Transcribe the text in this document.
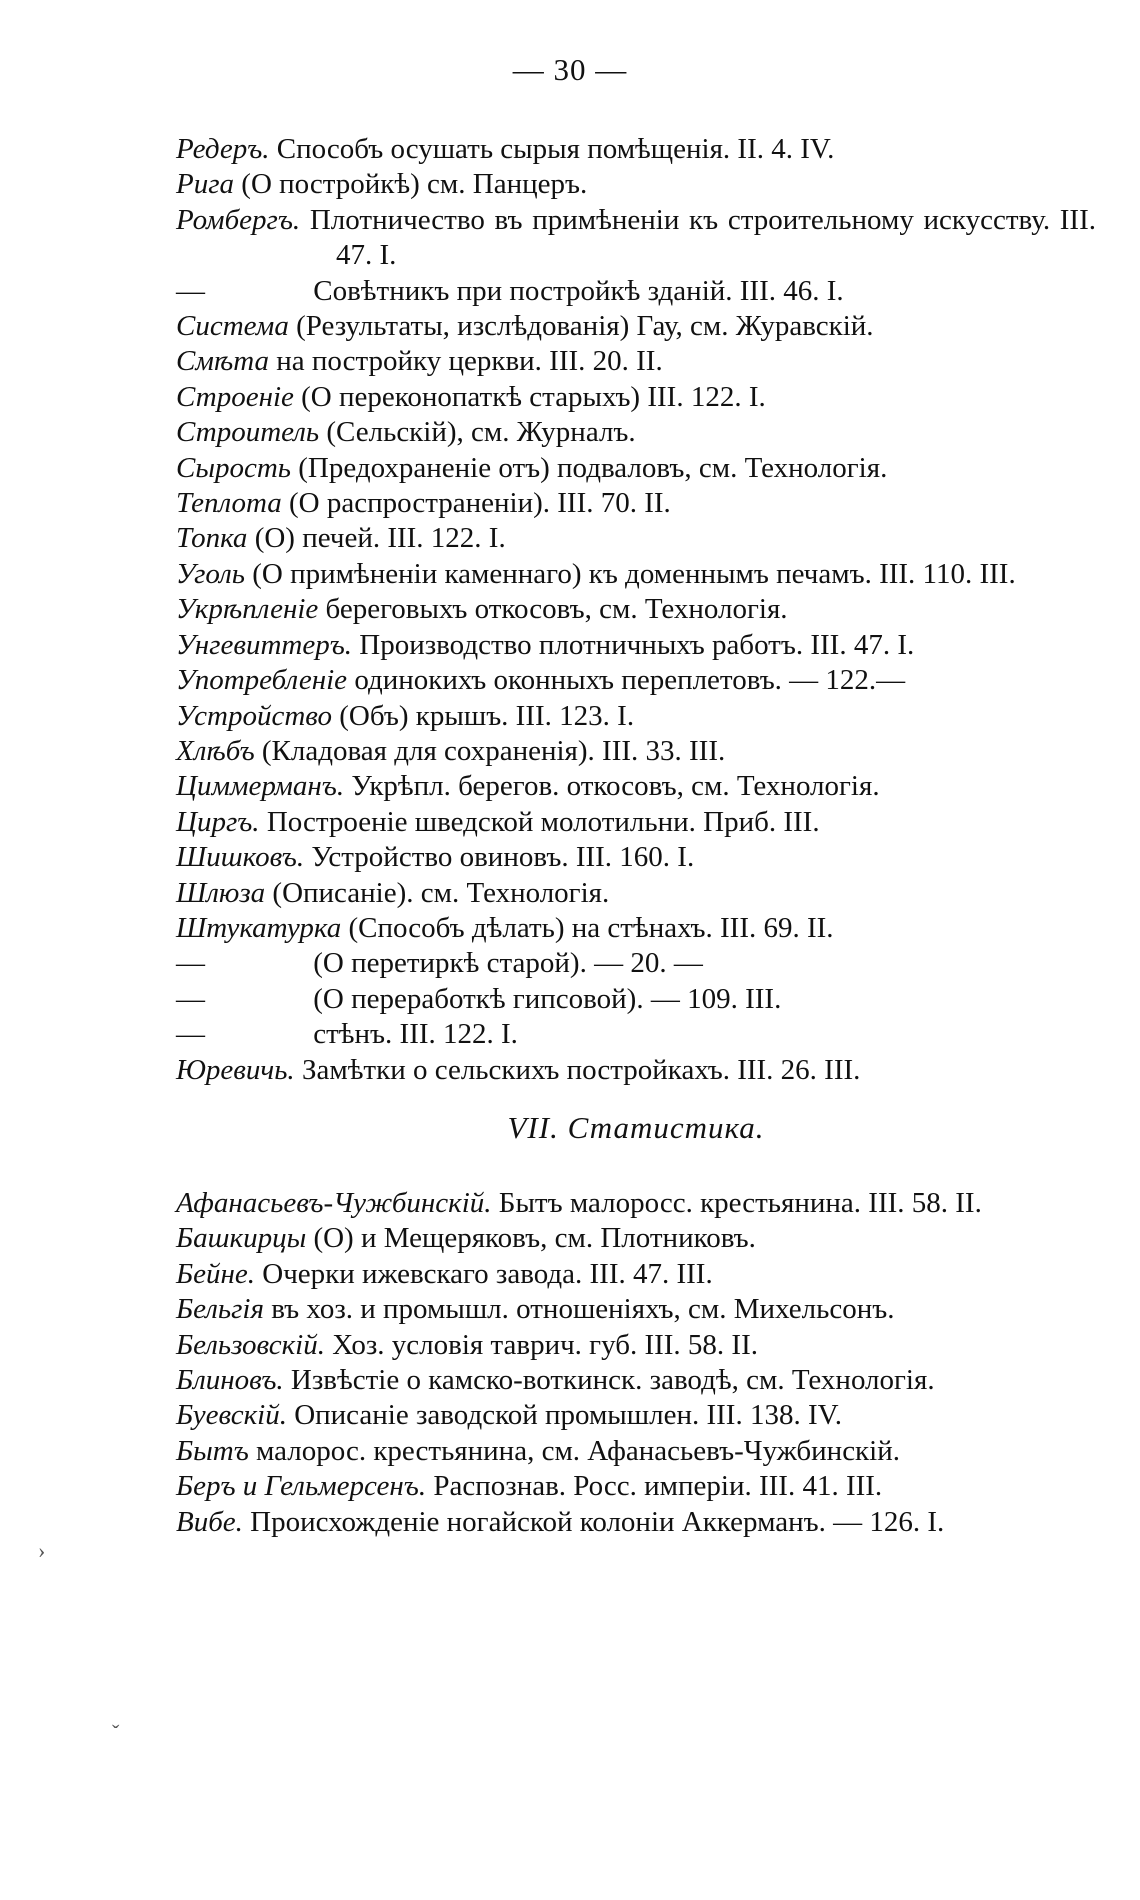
— 30 —
Редеръ. Способъ осушать сырыя помѣщенія. II. 4. IV.
Рига (О постройкѣ) см. Панцеръ.
Ромбергъ. Плотничество въ примѣненіи къ строительному искусству. III. 47. I.
—	Совѣтникъ при постройкѣ зданій. III. 46. I.
Система (Результаты, изслѣдованія) Гау, см. Журавскій.
Смѣта на постройку церкви. III. 20. II.
Строеніе (О переконопаткѣ старыхъ) III. 122. I.
Строитель (Сельскій), см. Журналъ.
Сырость (Предохраненіе отъ) подваловъ, см. Технологія.
Теплота (О распространеніи). III. 70. II.
Топка (О) печей. III. 122. I.
Уголь (О примѣненіи каменнаго) къ доменнымъ печамъ. III. 110. III.
Укрѣпленіе береговыхъ откосовъ, см. Технологія.
Унгевиттеръ. Производство плотничныхъ работъ. III. 47. I.
Употребленіе одинокихъ оконныхъ переплетовъ. — 122.—
Устройство (Объ) крышъ. III. 123. I.
Хлѣбъ (Кладовая для сохраненія). III. 33. III.
Циммерманъ. Укрѣпл. берегов. откосовъ, см. Технологія.
Циргъ. Построеніе шведской молотильни. Приб. III.
Шишковъ. Устройство овиновъ. III. 160. I.
Шлюза (Описаніе). см. Технологія.
Штукатурка (Способъ дѣлать) на стѣнахъ. III. 69. II.
—	(О перетиркѣ старой). — 20. —
—	(О переработкѣ гипсовой). — 109. III.
—	стѣнъ. III. 122. I.
Юревичь. Замѣтки о сельскихъ постройкахъ. III. 26. III.
VII. Статистика.
Афанасьевъ-Чужбинскій. Бытъ малоросс. крестьянина. III. 58. II.
Башкирцы (О) и Мещеряковъ, см. Плотниковъ.
Бейне. Очерки ижевскаго завода. III. 47. III.
Бельгія въ хоз. и промышл. отношеніяхъ, см. Михельсонъ.
Бельзовскій. Хоз. условія таврич. губ. III. 58. II.
Блиновъ. Извѣстіе о камско-воткинск. заводѣ, см. Технологія.
Буевскій. Описаніе заводской промышлен. III. 138. IV.
Бытъ малорос. крестьянина, см. Афанасьевъ-Чужбинскій.
Беръ и Гельмерсенъ. Распознав. Росс. имперіи. III. 41. III.
Вибе. Происхожденіе ногайской колоніи Аккерманъ. — 126. I.
›
ˇ
